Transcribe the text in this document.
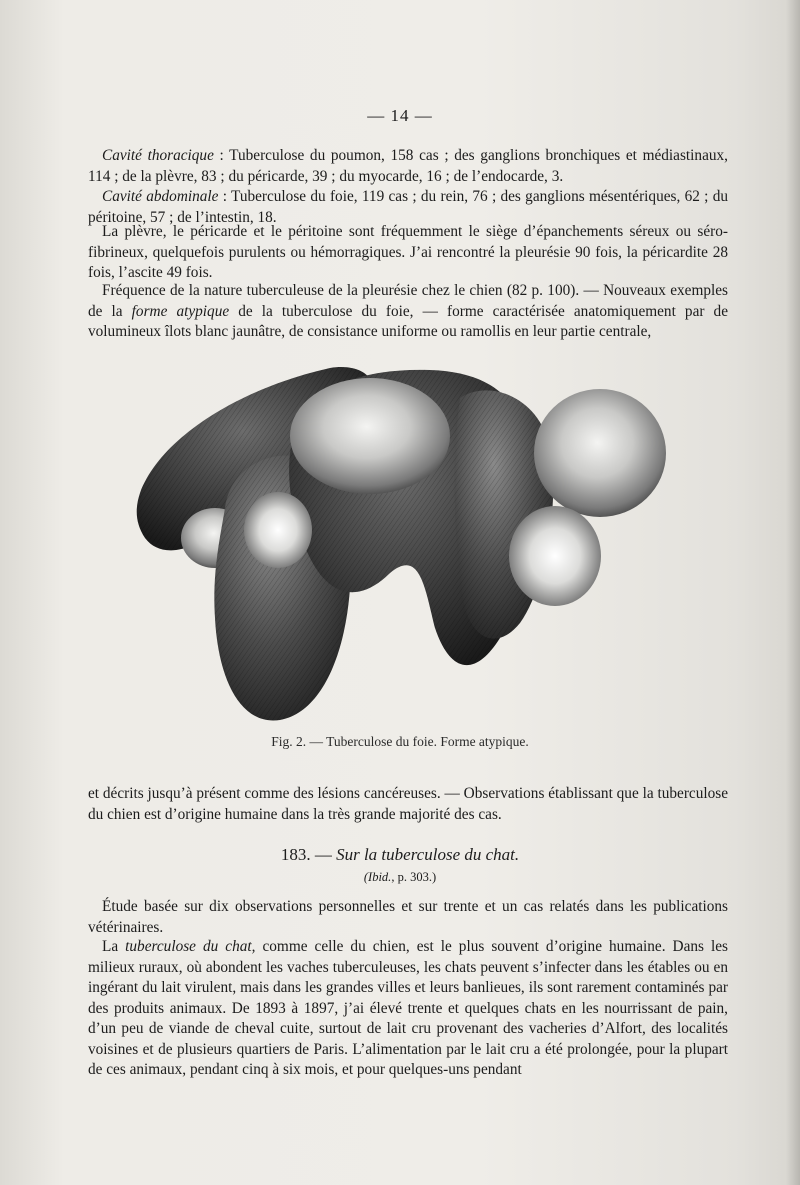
— 14 —

Cavité thoracique : Tuberculose du poumon, 158 cas ; des ganglions bronchiques et médiastinaux, 114 ; de la plèvre, 83 ; du péricarde, 39 ; du myocarde, 16 ; de l’endocarde, 3.

Cavité abdominale : Tuberculose du foie, 119 cas ; du rein, 76 ; des ganglions mésentériques, 62 ; du péritoine, 57 ; de l’intestin, 18.

La plèvre, le péricarde et le péritoine sont fréquemment le siège d’épanchements séreux ou séro-fibrineux, quelquefois purulents ou hémorragiques. J’ai rencontré la pleurésie 90 fois, la péricardite 28 fois, l’ascite 49 fois.

Fréquence de la nature tuberculeuse de la pleurésie chez le chien (82 p. 100). — Nouveaux exemples de la forme atypique de la tuberculose du foie, — forme caractérisée anatomiquement par de volumineux îlots blanc jaunâtre, de consistance uniforme ou ramollis en leur partie centrale,

Fig. 2. — Tuberculose du foie. Forme atypique.

et décrits jusqu’à présent comme des lésions cancéreuses. — Observations établissant que la tuberculose du chien est d’origine humaine dans la très grande majorité des cas.

183. — Sur la tuberculose du chat.
(Ibid., p. 303.)

Étude basée sur dix observations personnelles et sur trente et un cas relatés dans les publications vétérinaires.

La tuberculose du chat, comme celle du chien, est le plus souvent d’origine humaine. Dans les milieux ruraux, où abondent les vaches tuberculeuses, les chats peuvent s’infecter dans les étables ou en ingérant du lait virulent, mais dans les grandes villes et leurs banlieues, ils sont rarement contaminés par des produits animaux. De 1893 à 1897, j’ai élevé trente et quelques chats en les nourrissant de pain, d’un peu de viande de cheval cuite, surtout de lait cru provenant des vacheries d’Alfort, des localités voisines et de plusieurs quartiers de Paris. L’alimentation par le lait cru a été prolongée, pour la plupart de ces animaux, pendant cinq à six mois, et pour quelques-uns pendant
